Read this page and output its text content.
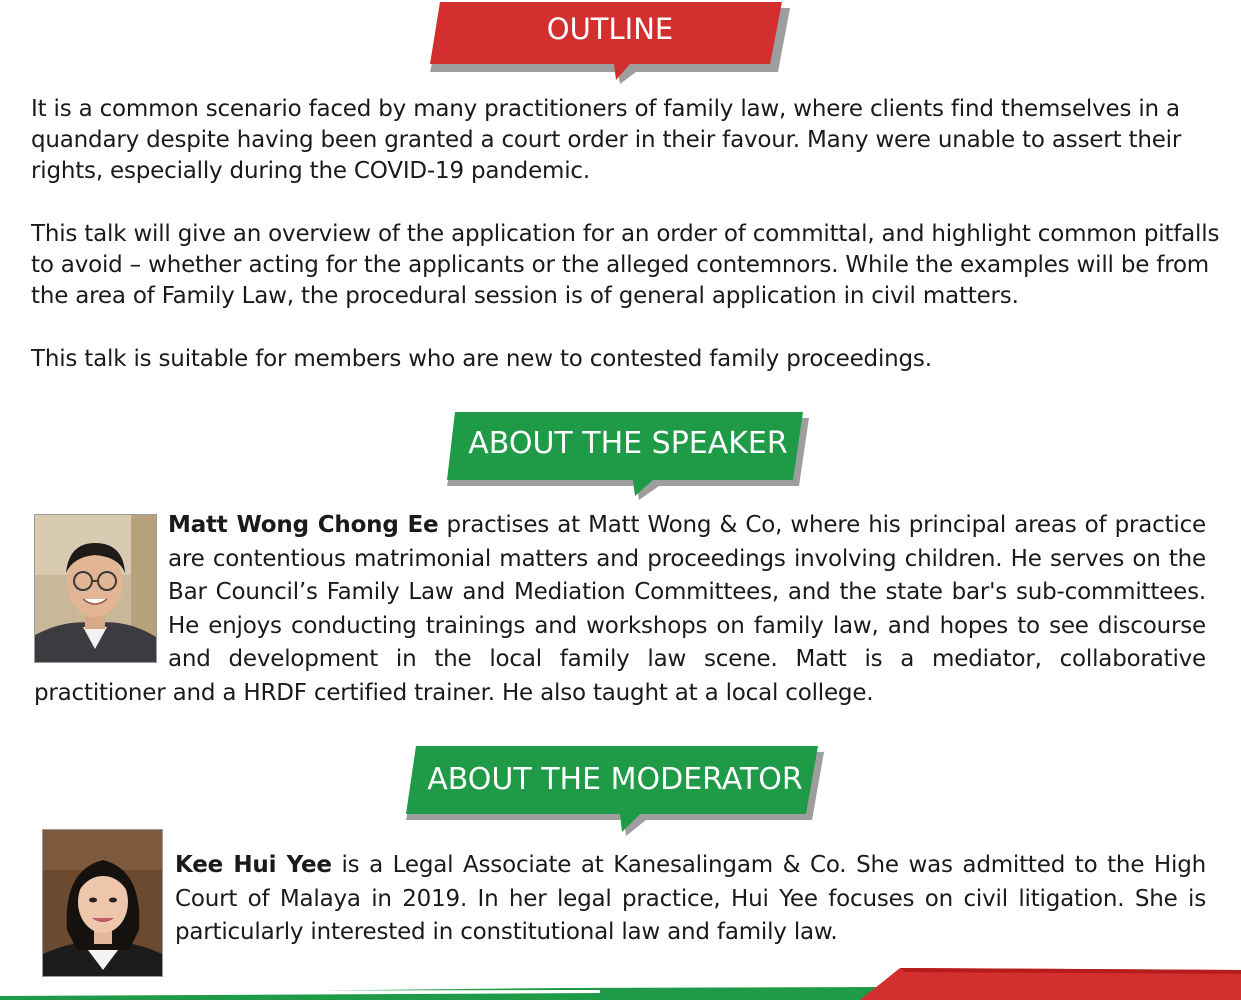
OUTLINE

It is a common scenario faced by many practitioners of family law, where clients find themselves in a quandary despite having been granted a court order in their favour. Many were unable to assert their rights, especially during the COVID-19 pandemic.

This talk will give an overview of the application for an order of committal, and highlight common pitfalls to avoid – whether acting for the applicants or the alleged contemnors. While the examples will be from the area of Family Law, the procedural session is of general application in civil matters.

This talk is suitable for members who are new to contested family proceedings.

ABOUT THE SPEAKER

Matt Wong Chong Ee practises at Matt Wong & Co, where his principal areas of practice are contentious matrimonial matters and proceedings involving children. He serves on the Bar Council’s Family Law and Mediation Committees, and the state bar's sub-committees. He enjoys conducting trainings and workshops on family law, and hopes to see discourse and development in the local family law scene. Matt is a mediator, collaborative practitioner and a HRDF certified trainer. He also taught at a local college.

ABOUT THE MODERATOR

Kee Hui Yee is a Legal Associate at Kanesalingam & Co. She was admitted to the High Court of Malaya in 2019. In her legal practice, Hui Yee focuses on civil litigation. She is particularly interested in constitutional law and family law.
